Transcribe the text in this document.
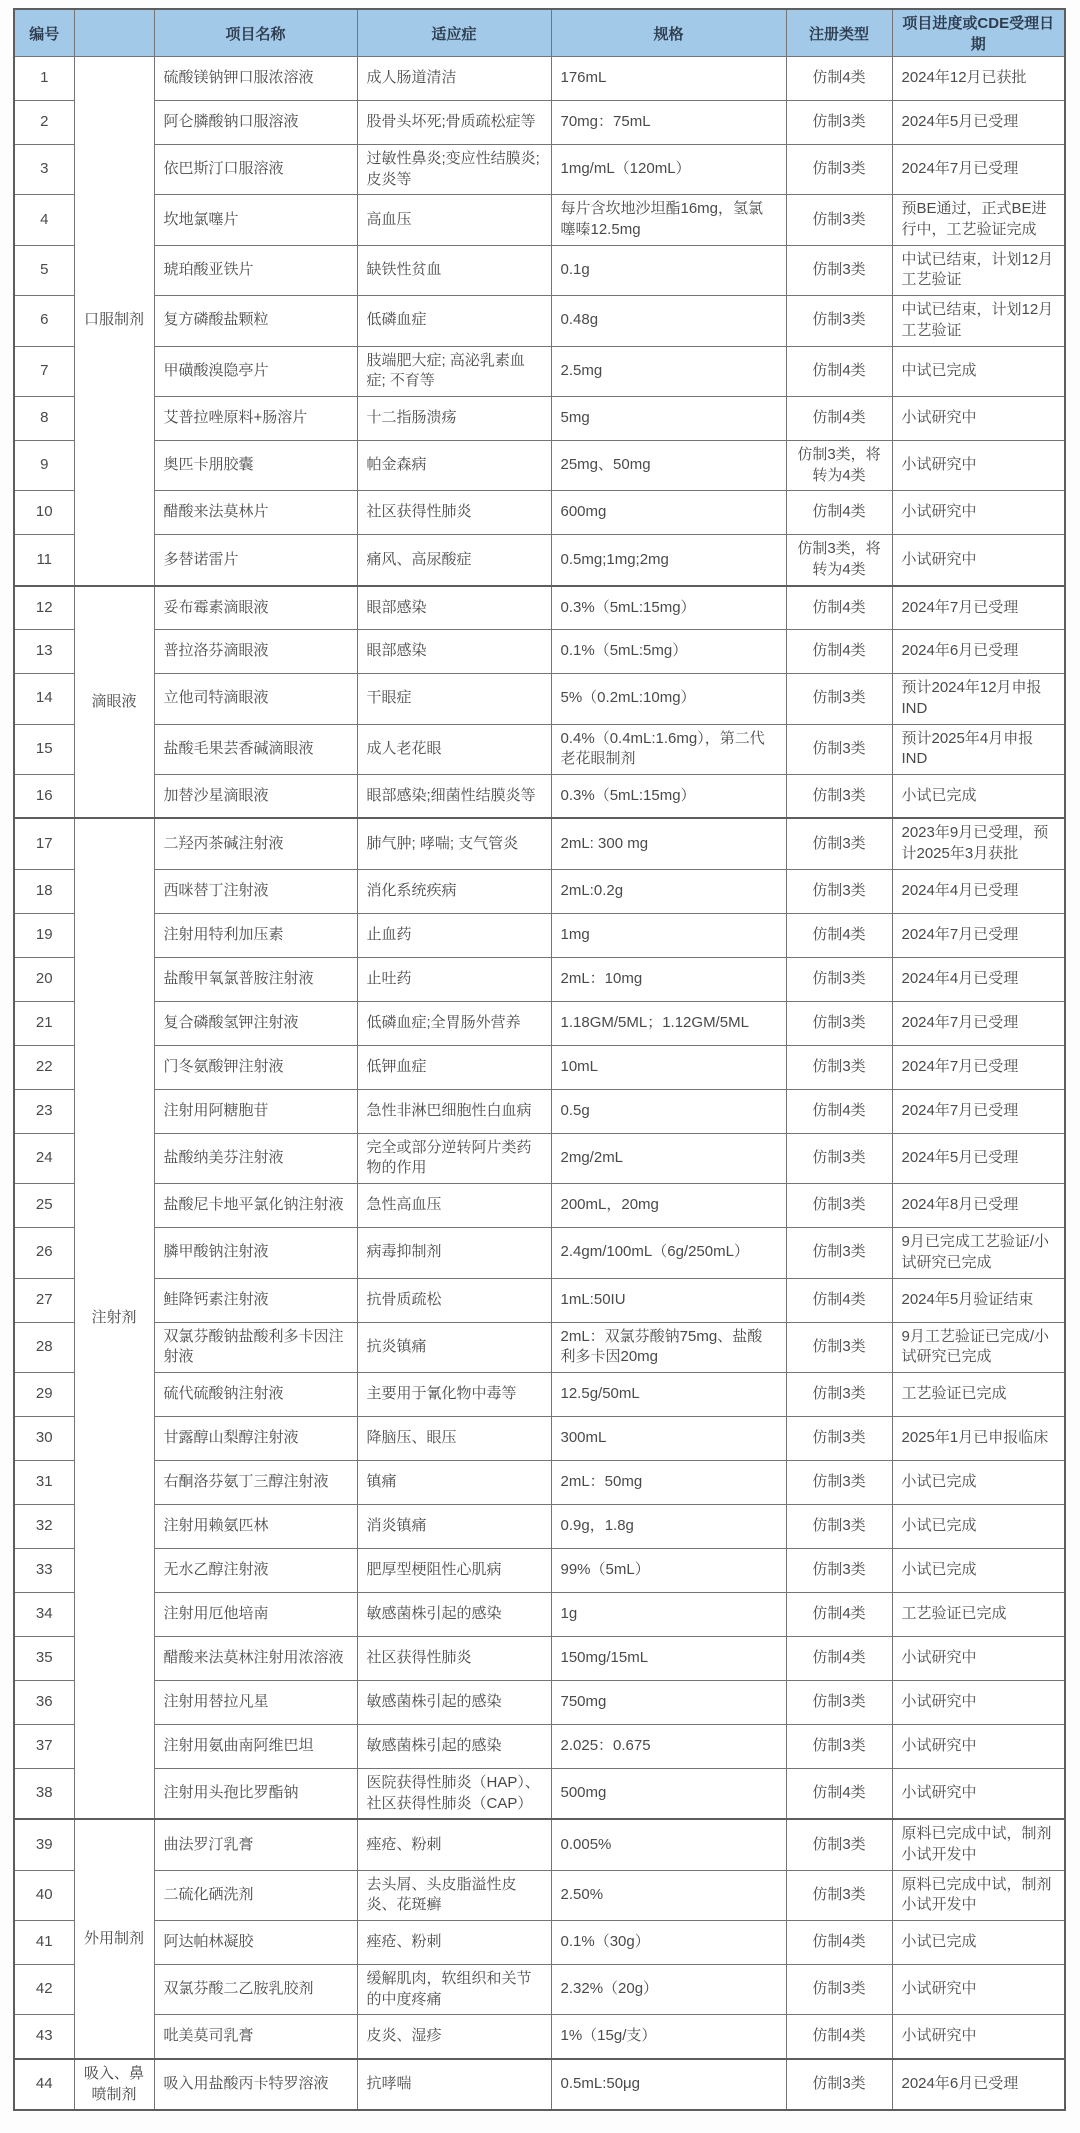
编号		项目名称	适应症	规格	注册类型	项目进度或CDE受理日期
1	口服制剂	硫酸镁钠钾口服浓溶液	成人肠道清洁	176mL	仿制4类	2024年12月已获批
2		阿仑膦酸钠口服溶液	股骨头坏死;骨质疏松症等	70mg：75mL	仿制3类	2024年5月已受理
3		依巴斯汀口服溶液	过敏性鼻炎;变应性结膜炎;皮炎等	1mg/mL（120mL）	仿制3类	2024年7月已受理
4		坎地氯噻片	高血压	每片含坎地沙坦酯16mg，氢氯噻嗪12.5mg	仿制3类	预BE通过，正式BE进行中，工艺验证完成
5		琥珀酸亚铁片	缺铁性贫血	0.1g	仿制3类	中试已结束，计划12月工艺验证
6		复方磷酸盐颗粒	低磷血症	0.48g	仿制3类	中试已结束，计划12月工艺验证
7		甲磺酸溴隐亭片	肢端肥大症; 高泌乳素血症; 不育等	2.5mg	仿制4类	中试已完成
8		艾普拉唑原料+肠溶片	十二指肠溃疡	5mg	仿制4类	小试研究中
9		奥匹卡朋胶囊	帕金森病	25mg、50mg	仿制3类，将转为4类	小试研究中
10		醋酸来法莫林片	社区获得性肺炎	600mg	仿制4类	小试研究中
11		多替诺雷片	痛风、高尿酸症	0.5mg;1mg;2mg	仿制3类，将转为4类	小试研究中
12	滴眼液	妥布霉素滴眼液	眼部感染	0.3%（5mL:15mg）	仿制4类	2024年7月已受理
13		普拉洛芬滴眼液	眼部感染	0.1%（5mL:5mg）	仿制4类	2024年6月已受理
14		立他司特滴眼液	干眼症	5%（0.2mL:10mg）	仿制3类	预计2024年12月申报IND
15		盐酸毛果芸香碱滴眼液	成人老花眼	0.4%（0.4mL:1.6mg），第二代老花眼制剂	仿制3类	预计2025年4月申报IND
16		加替沙星滴眼液	眼部感染;细菌性结膜炎等	0.3%（5mL:15mg）	仿制3类	小试已完成
17	注射剂	二羟丙茶碱注射液	肺气肿; 哮喘; 支气管炎	2mL: 300 mg	仿制3类	2023年9月已受理，预计2025年3月获批
18		西咪替丁注射液	消化系统疾病	2mL:0.2g	仿制3类	2024年4月已受理
19		注射用特利加压素	止血药	1mg	仿制4类	2024年7月已受理
20		盐酸甲氧氯普胺注射液	止吐药	2mL：10mg	仿制3类	2024年4月已受理
21		复合磷酸氢钾注射液	低磷血症;全胃肠外营养	1.18GM/5ML；1.12GM/5ML	仿制3类	2024年7月已受理
22		门冬氨酸钾注射液	低钾血症	10mL	仿制3类	2024年7月已受理
23		注射用阿糖胞苷	急性非淋巴细胞性白血病	0.5g	仿制4类	2024年7月已受理
24		盐酸纳美芬注射液	完全或部分逆转阿片类药物的作用	2mg/2mL	仿制3类	2024年5月已受理
25		盐酸尼卡地平氯化钠注射液	急性高血压	200mL，20mg	仿制3类	2024年8月已受理
26		膦甲酸钠注射液	病毒抑制剂	2.4gm/100mL（6g/250mL）	仿制3类	9月已完成工艺验证/小试研究已完成
27		鲑降钙素注射液	抗骨质疏松	1mL:50IU	仿制4类	2024年5月验证结束
28		双氯芬酸钠盐酸利多卡因注射液	抗炎镇痛	2mL：双氯芬酸钠75mg、盐酸利多卡因20mg	仿制3类	9月工艺验证已完成/小试研究已完成
29		硫代硫酸钠注射液	主要用于氰化物中毒等	12.5g/50mL	仿制3类	工艺验证已完成
30		甘露醇山梨醇注射液	降脑压、眼压	300mL	仿制3类	2025年1月已申报临床
31		右酮洛芬氨丁三醇注射液	镇痛	2mL：50mg	仿制3类	小试已完成
32		注射用赖氨匹林	消炎镇痛	0.9g，1.8g	仿制3类	小试已完成
33		无水乙醇注射液	肥厚型梗阻性心肌病	99%（5mL）	仿制3类	小试已完成
34		注射用厄他培南	敏感菌株引起的感染	1g	仿制4类	工艺验证已完成
35		醋酸来法莫林注射用浓溶液	社区获得性肺炎	150mg/15mL	仿制4类	小试研究中
36		注射用替拉凡星	敏感菌株引起的感染	750mg	仿制3类	小试研究中
37		注射用氨曲南阿维巴坦	敏感菌株引起的感染	2.025：0.675	仿制3类	小试研究中
38		注射用头孢比罗酯钠	医院获得性肺炎（HAP）、社区获得性肺炎（CAP）	500mg	仿制4类	小试研究中
39	外用制剂	曲法罗汀乳膏	痤疮、粉刺	0.005%	仿制3类	原料已完成中试，制剂小试开发中
40		二硫化硒洗剂	去头屑、头皮脂溢性皮炎、花斑癣	2.50%	仿制3类	原料已完成中试，制剂小试开发中
41		阿达帕林凝胶	痤疮、粉刺	0.1%（30g）	仿制4类	小试已完成
42		双氯芬酸二乙胺乳胶剂	缓解肌肉，软组织和关节的中度疼痛	2.32%（20g）	仿制3类	小试研究中
43		吡美莫司乳膏	皮炎、湿疹	1%（15g/支）	仿制4类	小试研究中
44	吸入、鼻喷制剂	吸入用盐酸丙卡特罗溶液	抗哮喘	0.5mL:50μg	仿制3类	2024年6月已受理
